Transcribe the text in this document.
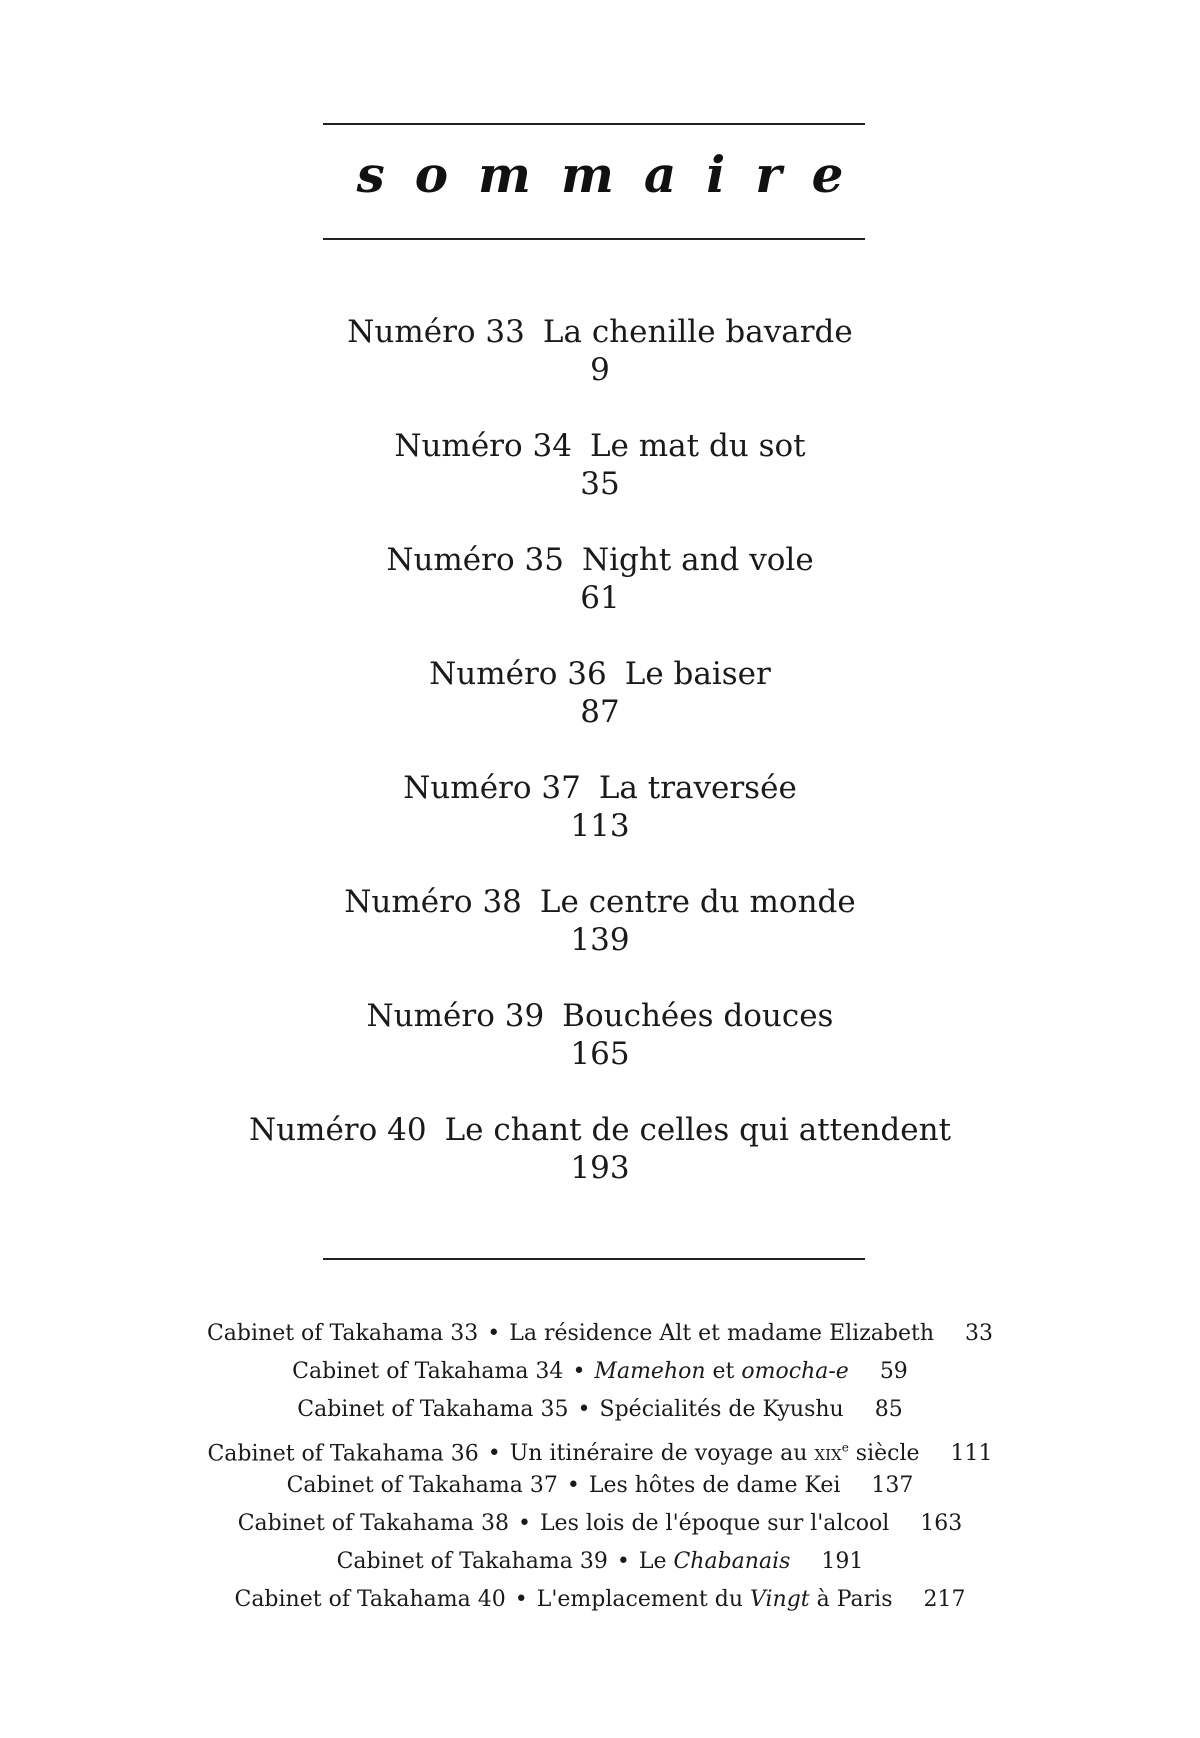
sommaire
Numéro 33 La chenille bavarde
9
Numéro 34 Le mat du sot
35
Numéro 35 Night and vole
61
Numéro 36 Le baiser
87
Numéro 37 La traversée
113
Numéro 38 Le centre du monde
139
Numéro 39 Bouchées douces
165
Numéro 40 Le chant de celles qui attendent
193
Cabinet of Takahama 33 • La résidence Alt et madame Elizabeth 33
Cabinet of Takahama 34 • Mamehon et omocha-e 59
Cabinet of Takahama 35 • Spécialités de Kyushu 85
Cabinet of Takahama 36 • Un itinéraire de voyage au xix$^e$ siècle 111
Cabinet of Takahama 37 • Les hôtes de dame Kei 137
Cabinet of Takahama 38 • Les lois de l'époque sur l'alcool 163
Cabinet of Takahama 39 • Le Chabanais 191
Cabinet of Takahama 40 • L'emplacement du Vingt à Paris 217
